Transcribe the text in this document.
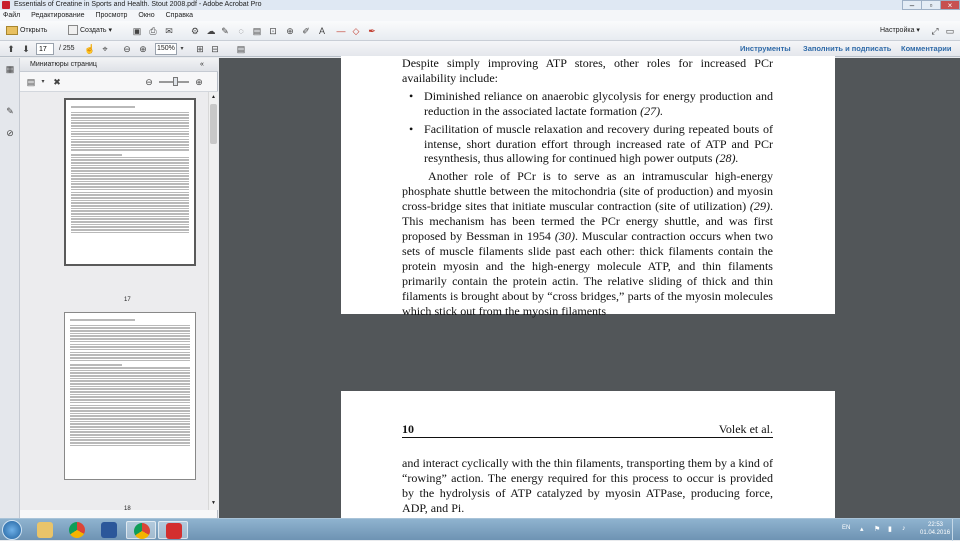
Essentials of Creatine in Sports and Health. Stout 2008.pdf - Adobe Acrobat Pro	–	▫	×
Файл Редактирование Просмотр Окно Справка
Открыть	Создать ▾ ▣ ⎙ ✉ ⚙ ☁ ✎ ◌ ▤ ⊡ ⊕ ✐ A — ◇ ✒	Настройка ▾ ⤢ ▭
⬆ ⬇
17	/ 255 ☝ ⌖ ⊖ ⊕ 150% ▾	⊞ ⊟ ▤	Инструменты Заполнить и подписать Комментарии
▦
✎
⊘
Миниатюры страниц	«
▤	▾ ✖	⊖	⊕
17
18
▲
▼

Despite simply improving ATP stores, other roles for increased PCr availability include:

• Diminished reliance on anaerobic glycolysis for energy production and reduction in the associated lactate formation (27).
• Facilitation of muscle relaxation and recovery during repeated bouts of intense, short duration effort through increased rate of ATP and PCr resynthesis, thus allowing for continued high power outputs (28).

Another role of PCr is to serve as an intramuscular high-energy phosphate shuttle between the mitochondria (site of production) and myosin cross-bridge sites that initiate muscular contraction (site of utilization) (29). This mechanism has been termed the PCr energy shuttle, and was first proposed by Bessman in 1954 (30). Muscular contraction occurs when two sets of muscle filaments slide past each other: thick filaments contain the protein myosin and the high-energy molecule ATP, and thin filaments primarily contain the protein actin. The relative sliding of thick and thin filaments is brought about by “cross bridges,” parts of the myosin molecules which stick out from the myosin filaments

10	Volek et al.

and interact cyclically with the thin filaments, transporting them by a kind of “rowing” action. The energy required for this process to occur is provided by the hydrolysis of ATP catalyzed by myosin ATPase, producing force, ADP, and Pi.

EN ▴ ⚑ ▮ ♪	22:53
01.04.2016
